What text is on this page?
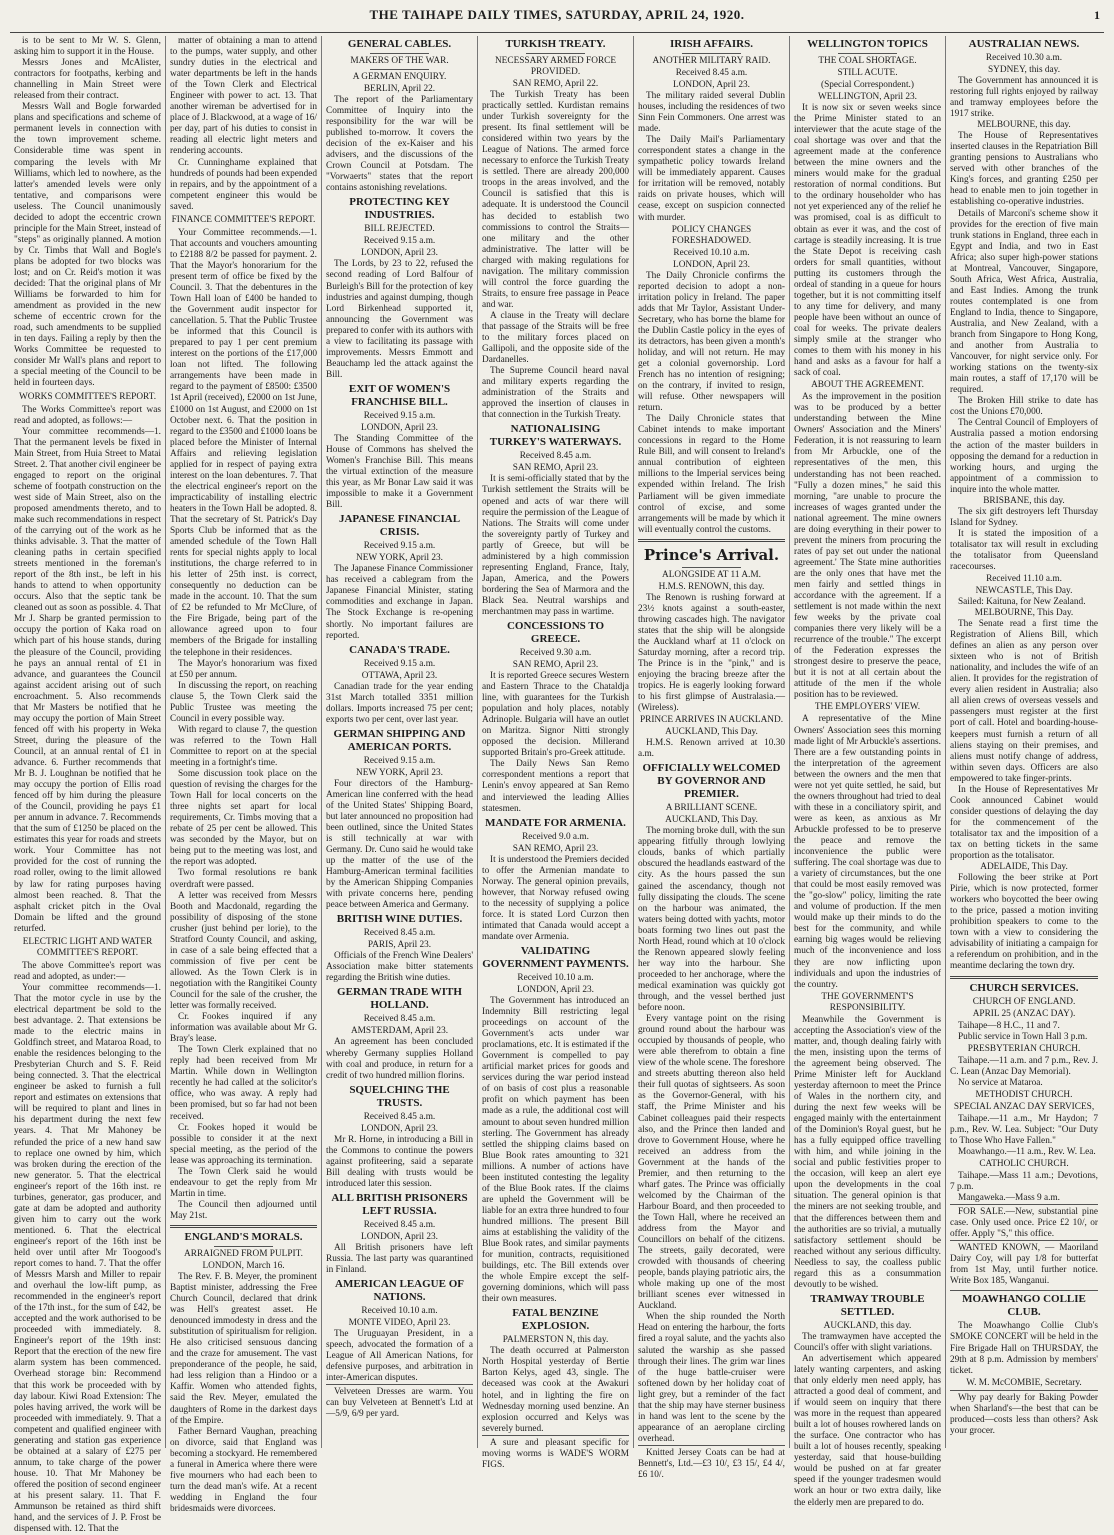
THE TAIHAPE DAILY TIMES, SATURDAY, APRIL 24, 1920.	1

is to be sent to Mr W. S. Glenn, asking him to support it in the House.

Messrs Jones and McAlister, contractors for footpaths, kerbing and channelling in Main Street were released from their contract.

Messrs Wall and Bogle forwarded plans and specifications and scheme of permanent levels in connection with the town improvement scheme. Considerable time was spent in comparing the levels with Mr Williams, which led to nowhere, as the latter's amended levels were only tentative, and comparisons were useless. The Council unanimously decided to adopt the eccentric crown principle for the Main Street, instead of "steps" as originally planned. A motion by Cr. Timbs that Wall and Bogle's plans be adopted for two blocks was lost; and on Cr. Reid's motion it was decided: That the original plans of Mr Williams be forwarded to him for amendment as provided in the new scheme of eccentric crown for the road, such amendments to be supplied in ten days. Failing a reply by then the Works Committee be requested to consider Mr Wall's plans and report to a special meeting of the Council to be held in fourteen days.

WORKS COMMITTEE'S REPORT.

The Works Committee's report was read and adopted, as follows:—

Your committee recommends—1. That the permanent levels be fixed in Main Street, from Huia Street to Matai Street. 2. That another civil engineer be engaged to report on the original scheme of footpath construction on the west side of Main Street, also on the proposed amendments thereto, and to make such recommendations in respect of the carrying out of the work as he thinks advisable. 3. That the matter of cleaning paths in certain specified streets mentioned in the foreman's report of the 8th inst., be left in his hands to attend to when opportunity occurs. Also that the septic tank be cleaned out as soon as possible. 4. That Mr J. Sharp be granted permission to occupy the portion of Kaka road on which part of his house stands, during the pleasure of the Council, providing he pays an annual rental of £1 in advance, and guarantees the Council against accident arising out of such encroachment. 5. Also recommends that Mr Masters be notified that he may occupy the portion of Main Street fenced off with his property in Weka Street, during the pleasure of the Council, at an annual rental of £1 in advance. 6. Further recommends that Mr B. J. Loughnan be notified that he may occupy the portion of Ellis road fenced off by him during the pleasure of the Council, providing he pays £1 per annum in advance. 7. Recommends that the sum of £1250 be placed on the estimates this year for roads and streets work. Your Committee has not provided for the cost of running the road roller, owing to the limit allowed by law for rating purposes having almost been reached. 8. That the asphalt cricket pitch in the Oval Domain be lifted and the ground returfed.

ELECTRIC LIGHT AND WATER COMMITTEE'S REPORT.

The above Committee's report was read and adopted, as under:—

Your committee recommends—1. That the motor cycle in use by the electrical department be sold to the best advantage. 2. That extensions be made to the electric mains in Goldfinch street, and Mataroa Road, to enable the residences belonging to the Presbyterian Church and S. F. Reid being connected. 3. That the electrical engineer be asked to furnish a full report and estimates on extensions that will be required to plant and lines in his department during the next few years. 4. That Mr Mahoney be refunded the price of a new hand saw to replace one owned by him, which was broken during the erection of the new generator. 5. That the electrical engineer's report of the 16th inst. re turbines, generator, gas producer, and gate at dam be adopted and authority given him to carry out the work mentioned. 6. That the electrical engineer's report of the 16th inst be held over until after Mr Toogood's report comes to hand. 7. That the offer of Messrs Marsh and Miller to repair and overhaul the low-lift pump, as recommended in the engineer's report of the 17th inst., for the sum of £42, be accepted and the work authorised to be proceeded with immediately. 8. Engineer's report of the 19th inst: Report that the erection of the new fire alarm system has been commenced. Overhead storage bin: Recommend that this work be proceeded with by day labour. Kiwi Road Extension: The poles having arrived, the work will be proceeded with immediately. 9. That a competent and qualified engineer with generating and station gas experience be obtained at a salary of £275 per annum, to take charge of the power house. 10. That Mr Mahoney be offered the position of second engineer at his present salary. 11. That F. Ammunson be retained as third shift hand, and the services of J. P. Frost be dispensed with. 12. That the

matter of obtaining a man to attend to the pumps, water supply, and other sundry duties in the electrical and water departments be left in the hands of the Town Clerk and Electrical Engineer with power to act. 13. That another wireman be advertised for in place of J. Blackwood, at a wage of 16/ per day, part of his duties to consist in reading all electric light meters and rendering accounts.

Cr. Cunninghame explained that hundreds of pounds had been expended in repairs, and by the appointment of a competent engineer this would be saved.

FINANCE COMMITTEE'S REPORT.

Your Committee recommends.—1. That accounts and vouchers amounting to £2188 8/2 be passed for payment. 2. That the Mayor's honorarium for the present term of office be fixed by the Council. 3. That the debentures in the Town Hall loan of £400 be handed to the Government audit inspector for cancellation. 5. That the Public Trustee be informed that this Council is prepared to pay 1 per cent premium interest on the portions of the £17,000 loan not lifted. The following arrangements have been made in regard to the payment of £8500: £3500 1st April (received), £2000 on 1st June, £1000 on 1st August, and £2000 on 1st October next. 6. That the position in regard to the £3500 and £1000 loans be placed before the Minister of Internal Affairs and relieving legislation applied for in respect of paying extra interest on the loan debentures. 7. That the electrical engineer's report on the impracticability of installing electric heaters in the Town Hall be adopted. 8. That the secretary of St. Patrick's Day Sports Club be informed that as the amended schedule of the Town Hall rents for special nights apply to local institutions, the charge referred to in his letter of 25th inst. is correct, consequently no deduction can be made in the account. 10. That the sum of £2 be refunded to Mr McClure, of the Fire Brigade, being part of the allowance agreed upon to four members of the Brigade for installing the telephone in their residences.

The Mayor's honorarium was fixed at £50 per annum.

In discussing the report, on reaching clause 5, the Town Clerk said the Public Trustee was meeting the Council in every possible way.

With regard to clause 7, the question was referred to the Town Hall Committee to report on at the special meeting in a fortnight's time.

Some discussion took place on the question of revising the charges for the Town Hall for local concerts on the three nights set apart for local requirements, Cr. Timbs moving that a rebate of 25 per cent be allowed. This was seconded by the Mayor, but on being put to the meeting was lost, and the report was adopted.

Two formal resolutions re bank overdraft were passed.

A letter was received from Messrs Booth and Macdonald, regarding the possibility of disposing of the stone crusher (just behind per lorie), to the Stratford County Council, and asking, in case of a sale being effected that a commission of five per cent be allowed. As the Town Clerk is in negotiation with the Rangitikei County Council for the sale of the crusher, the letter was formally received.

Cr. Fookes inquired if any information was available about Mr G. Bray's lease.

The Town Clerk explained that no reply had been received from Mr Martin. While down in Wellington recently he had called at the solicitor's office, who was away. A reply had been promised, but so far had not been received.

Cr. Fookes hoped it would be possible to consider it at the next special meeting, as the period of the lease was approaching its termination.

The Town Clerk said he would endeavour to get the reply from Mr Martin in time.

The Council then adjourned until May 21st.

ENGLAND'S MORALS.
ARRAIGNED FROM PULPIT.
LONDON, March 16.

The Rev. F. B. Meyer, the prominent Baptist minister, addressing the Free Church Council, declared that drink was Hell's greatest asset. He denounced immodesty in dress and the substitution of spiritualism for religion. He also criticised sensuous dancing and the craze for amusement. The vast preponderance of the people, he said, had less religion than a Hindoo or a Kaffir. Women who attended fights, said the Rev. Meyer, emulated the daughters of Rome in the darkest days of the Empire.

Father Bernard Vaughan, preaching on divorce, said that England was becoming a stockyard. He remembered a funeral in America where there were five mourners who had each been to turn the dead man's wife. At a recent wedding in England the four bridesmaids were divorcees.

GENERAL CABLES.
MAKERS OF THE WAR.
A GERMAN ENQUIRY.
BERLIN, April 22.

The report of the Parliamentary Committee of Inquiry into the responsibility for the war will be published to-morrow. It covers the decision of the ex-Kaiser and his advisers, and the discussions of the Crown Council at Potsdam. The "Vorwaerts" states that the report contains astonishing revelations.

PROTECTING KEY INDUSTRIES.
BILL REJECTED.
Received 9.15 a.m.
LONDON, April 23.

The Lords, by 23 to 22, refused the second reading of Lord Balfour of Burleigh's Bill for the protection of key industries and against dumping, though Lord Birkenhead supported it, announcing the Government was prepared to confer with its authors with a view to facilitating its passage with improvements. Messrs Emmott and Beauchamp led the attack against the Bill.

EXIT OF WOMEN'S FRANCHISE BILL.
Received 9.15 a.m.
LONDON, April 23.

The Standing Committee of the House of Commons has shelved the Women's Franchise Bill. This means the virtual extinction of the measure this year, as Mr Bonar Law said it was impossible to make it a Government Bill.

JAPANESE FINANCIAL CRISIS.
Received 9.15 a.m.
NEW YORK, April 23.

The Japanese Finance Commissioner has received a cablegram from the Japanese Financial Minister, stating commodities and exchange in Japan. The Stock Exchange is re-opening shortly. No important failures are reported.

CANADA'S TRADE.
Received 9.15 a.m.
OTTAWA, April 23.

Canadian trade for the year ending 31st March totalled 3351 million dollars. Imports increased 75 per cent; exports two per cent, over last year.

GERMAN SHIPPING AND AMERICAN PORTS.
Received 9.15 a.m.
NEW YORK, April 23.

Four directors of the Hamburg-American line conferred with the head of the United States' Shipping Board, but later announced no proposition had been outlined, since the United States is still technically at war with Germany. Dr. Cuno said he would take up the matter of the use of the Hamburg-American terminal facilities by the American Shipping Companies with private concerns here, pending peace between America and Germany.

BRITISH WINE DUTIES.
Received 8.45 a.m.
PARIS, April 23.

Officials of the French Wine Dealers' Association make bitter statements regarding the British wine duties.

GERMAN TRADE WITH HOLLAND.
Received 8.45 a.m.
AMSTERDAM, April 23.

An agreement has been concluded whereby Germany supplies Holland with coal and produce, in return for a credit of two hundred million florins.

SQUELCHING THE TRUSTS.
Received 8.45 a.m.
LONDON, April 23.

Mr R. Horne, in introducing a Bill in the Commons to continue the powers against profiteering, said a separate Bill dealing with trusts would be introduced later this session.

ALL BRITISH PRISONERS LEFT RUSSIA.
Received 8.45 a.m.
LONDON, April 23.

All British prisoners have left Russia. The last party was quarantined in Finland.

AMERICAN LEAGUE OF NATIONS.
Received 10.10 a.m.
MONTE VIDEO, April 23.

The Uruguayan President, in a speech, advocated the formation of a League of All American Nations, for defensive purposes, and arbitration in inter-American disputes.

Velveteen Dresses are warm. You can buy Velveteen at Bennett's Ltd at—5/9, 6/9 per yard.

TURKISH TREATY.
NECESSARY ARMED FORCE PROVIDED.
SAN REMO, April 22.

The Turkish Treaty has been practically settled. Kurdistan remains under Turkish sovereignty for the present. Its final settlement will be considered within two years by the League of Nations. The armed force necessary to enforce the Turkish Treaty is settled. There are already 200,000 troops in the areas involved, and the Council is satisfied that this is adequate. It is understood the Council has decided to establish two commissions to control the Straits—one military and the other administrative. The latter will be charged with making regulations for navigation. The military commission will control the force guarding the Straits, to ensure free passage in Peace and war.

A clause in the Treaty will declare that passage of the Straits will be free to the military forces placed on Gallipoli, and the opposite side of the Dardanelles.

The Supreme Council heard naval and military experts regarding the administration of the Straits and approved the insertion of clauses in that connection in the Turkish Treaty.

NATIONALISING TURKEY'S WATERWAYS.
Received 8.45 a.m.
SAN REMO, April 23.

It is semi-officially stated that by the Turkish settlement the Straits will be opened and acts of war there will require the permission of the League of Nations. The Straits will come under the sovereignty partly of Turkey and partly of Greece, but will be administered by a high commission representing England, France, Italy, Japan, America, and the Powers bordering the Sea of Marmora and the Black Sea. Neutral warships and merchantmen may pass in wartime.

CONCESSIONS TO GREECE.
Received 9.30 a.m.
SAN REMO, April 23.

It is reported Greece secures Western and Eastern Thrace to the Chataldja line, with guarantees for the Turkish population and holy places, notably Adrinople. Bulgaria will have an outlet on Maritza. Signor Nitti strongly opposed the decision. Millerand supported Britain's pro-Greek attitude.

The Daily News San Remo correspondent mentions a report that Lenin's envoy appeared at San Remo and interviewed the leading Allies statesmen.

MANDATE FOR ARMENIA.
Received 9.0 a.m.
SAN REMO, April 23.

It is understood the Premiers decided to offer the Armenian mandate to Norway. The general opinion prevails, however, that Norway refused owing to the necessity of supplying a police force. It is stated Lord Curzon then intimated that Canada would accept a mandate over Armenia.

VALIDATING GOVERNMENT PAYMENTS.
Received 10.10 a.m.
LONDON, April 23.

The Government has introduced an Indemnity Bill restricting legal proceedings on account of the Government's acts under war proclamations, etc. It is estimated if the Government is compelled to pay artificial market prices for goods and services during the war period instead of on basis of cost plus a reasonable profit on which payment has been made as a rule, the additional cost will amount to about seven hundred million sterling. The Government has already settled the shipping claims based on Blue Book rates amounting to 321 millions. A number of actions have been instituted contesting the legality of the Blue Book rates. If the claims are upheld the Government will be liable for an extra three hundred to four hundred millions. The present Bill aims at establishing the validity of the Blue Book rates, and similar payments for munition, contracts, requisitioned buildings, etc. The Bill extends over the whole Empire except the self-governing dominions, which will pass their own measures.

FATAL BENZINE EXPLOSION.
PALMERSTON N, this day.

The death occurred at Palmerston North Hospital yesterday of Bertie Barton Kelys, aged 43, single. The deceased was cook at the Awakuri hotel, and in lighting the fire on Wednesday morning used benzine. An explosion occurred and Kelys was severely burned.

A sure and pleasant specific for moving worms is WADE'S WORM FIGS.

IRISH AFFAIRS.
ANOTHER MILITARY RAID.
Received 8.45 a.m.
LONDON, April 23.

The military raided several Dublin houses, including the residences of two Sinn Fein Commoners. One arrest was made.

The Daily Mail's Parliamentary correspondent states a change in the sympathetic policy towards Ireland will be immediately apparent. Causes for irritation will be removed, notably raids on private houses, which will cease, except on suspicion connected with murder.

POLICY CHANGES FORESHADOWED.
Received 10.10 a.m.
LONDON, April 23.

The Daily Chronicle confirms the reported decision to adopt a non-irritation policy in Ireland. The paper adds that Mr Taylor, Assistant Under-Secretary, who has borne the blame for the Dublin Castle policy in the eyes of its detractors, has been given a month's holiday, and will not return. He may get a colonial governorship. Lord French has no intention of resigning; on the contrary, if invited to resign, will refuse. Other newspapers will return.

The Daily Chronicle states that Cabinet intends to make important concessions in regard to the Home Rule Bill, and will consent to Ireland's annual contribution of eighteen millions to the Imperial services being expended within Ireland. The Irish Parliament will be given immediate control of excise, and some arrangements will be made by which it will eventually control the customs.

Prince's Arrival.
ALONGSIDE AT 11 A.M.
H.M.S. RENOWN, this day.

The Renown is rushing forward at 23½ knots against a south-easter, throwing cascades high. The navigator states that the ship will be alongside the Auckland wharf at 11 o'clock on Saturday morning, after a record trip. The Prince is in the "pink," and is enjoying the bracing breeze after the tropics. He is eagerly looking forward to his first glimpse of Australasia.—(Wireless).

PRINCE ARRIVES IN AUCKLAND.
AUCKLAND, This Day.

H.M.S. Renown arrived at 10.30 a.m.

OFFICIALLY WELCOMED BY GOVERNOR AND PREMIER.
A BRILLIANT SCENE.
AUCKLAND, This Day.

The morning broke dull, with the sun appearing fitfully through lowlying clouds, banks of which partially obscured the headlands eastward of the city. As the hours passed the sun gained the ascendancy, though not fully dissipating the clouds. The scene on the harbour was animated, the waters being dotted with yachts, motor boats forming two lines out past the North Head, round which at 10 o'clock the Renown appeared slowly feeling her way into the harbour. She proceeded to her anchorage, where the medical examination was quickly got through, and the vessel berthed just before noon.

Every vantage point on the rising ground round about the harbour was occupied by thousands of people, who were able therefrom to obtain a fine view of the whole scene. The foreshore and streets abutting thereon also held their full quotas of sightseers. As soon as the Governor-General, with his staff, the Prime Minister and his Cabinet colleagues paid their respects also, and the Prince then landed and drove to Government House, where he received an address from the Government at the hands of the Premier, and then returning to the wharf gates. The Prince was officially welcomed by the Chairman of the Harbour Board, and then proceeded to the Town Hall, where he received an address from the Mayor and Councillors on behalf of the citizens. The streets, gaily decorated, were crowded with thousands of cheering people, bands playing patriotic airs, the whole making up one of the most brilliant scenes ever witnessed in Auckland.

When the ship rounded the North Head on entering the harbour, the forts fired a royal salute, and the yachts also saluted the warship as she passed through their lines. The grim war lines of the huge battle-cruiser were softened down by her holiday coat of light grey, but a reminder of the fact that the ship may have sterner business in hand was lent to the scene by the appearance of an aeroplane circling overhead.

Knitted Jersey Coats can be had at Bennett's, Ltd.—£3 10/, £3 15/, £4 4/, £6 10/.

WELLINGTON TOPICS
THE COAL SHORTAGE.
STILL ACUTE.
(Special Correspondent.)
WELLINGTON, April 23.

It is now six or seven weeks since the Prime Minister stated to an interviewer that the acute stage of the coal shortage was over and that the agreement made at the conference between the mine owners and the miners would make for the gradual restoration of normal conditions. But to the ordinary householder who has not yet experienced any of the relief he was promised, coal is as difficult to obtain as ever it was, and the cost of cartage is steadily increasing. It is true the State Depot is receiving cash orders for small quantities, without putting its customers through the ordeal of standing in a queue for hours together, but it is not committing itself to any time for delivery, and many people have been without an ounce of coal for weeks. The private dealers simply smile at the stranger who comes to them with his money in his hand and asks as a favour for half a sack of coal.

ABOUT THE AGREEMENT.

As the improvement in the position was to be produced by a better understanding between the Mine Owners' Association and the Miners' Federation, it is not reassuring to learn from Mr Arbuckle, one of the representatives of the men, this understanding has not been reached. "Fully a dozen mines," he said this morning, "are unable to procure the increases of wages granted under the national agreement. The mine owners are doing everything in their power to prevent the miners from procuring the rates of pay set out under the national agreement.' The State mine authorities are the only ones that have met the men fairly and settled things in accordance with the agreement. If a settlement is not made within the next few weeks by the private coal companies there very likely will be a recurrence of the trouble." The excerpt of the Federation expresses the strongest desire to preserve the peace, but it is not at all certain about the attitude of the men if the whole position has to be reviewed.

THE EMPLOYERS' VIEW.

A representative of the Mine Owners' Association sees this morning made light of Mr Arbuckle's assertions. There are a few outstanding points in the interpretation of the agreement between the owners and the men that were not yet quite settled, he said, but the owners throughout had tried to deal with these in a conciliatory spirit, and were as keen, as anxious as Mr Arbuckle professed to be to preserve the peace and remove the inconvenience the public were suffering. The coal shortage was due to a variety of circumstances, but the one that could be most easily removed was the "go-slow" policy, limiting the rate and volume of production. If the men would make up their minds to do the best for the community, and while earning big wages would be relieving much of the inconvenience and loss they are now inflicting upon individuals and upon the industries of the country.

THE GOVERNMENT'S RESPONSIBILITY.

Meanwhile the Government is accepting the Association's view of the matter, and, though dealing fairly with the men, insisting upon the terms of the agreement being observed. The Prime Minister left for Auckland yesterday afternoon to meet the Prince of Wales in the northern city, and during the next few weeks will be engaged mainly with the entertainment of the Dominion's Royal guest, but he has a fully equipped office travelling with him, and while joining in the social and public festivities proper to the occasion, will keep an alert eye upon the developments in the coal situation. The general opinion is that the miners are not seeking trouble, and that the differences between them and the authorities are so trivial, a mutually satisfactory settlement should be reached without any serious difficulty. Needless to say, the coalless public regard this as a consummation devoutly to be wished.

TRAMWAY TROUBLE SETTLED.
AUCKLAND, this day.

The tramwaymen have accepted the Council's offer with slight variations.

An advertisement which appeared lately wanting carpenters, and asking that only elderly men need apply, has attracted a good deal of comment, and if would seem on inquiry that there was more in the request than appeared built a lot of houses rowhered lands on the surface. One contractor who has built a lot of houses recently, speaking yesterday, said that house-building would be pushed on at far greater speed if the younger tradesmen would work an hour or two extra daily, like the elderly men are prepared to do.

AUSTRALIAN NEWS.
Received 10.30 a.m.
SYDNEY, this day.

The Government has announced it is restoring full rights enjoyed by railway and tramway employees before the 1917 strike.

MELBOURNE, this day.

The House of Representatives inserted clauses in the Repatriation Bill granting pensions to Australians who served with other branches of the King's forces, and granting £250 per head to enable men to join together in establishing co-operative industries.

Details of Marconi's scheme show it provides for the erection of five main trunk stations in England, three each in Egypt and India, and two in East Africa; also super high-power stations at Montreal, Vancouver, Singapore, South Africa, West Africa, Australia, and East Indies. Among the trunk routes contemplated is one from England to India, thence to Singapore, Australia, and New Zealand, with a branch from Singapore to Hong Kong, and another from Australia to Vancouver, for night service only. For working stations on the twenty-six main routes, a staff of 17,170 will be required.

The Broken Hill strike to date has cost the Unions £70,000.

The Central Council of Employers of Australia passed a motion endorsing the action of the master builders in opposing the demand for a reduction in working hours, and urging the appointment of a commission to inquire into the whole matter.

BRISBANE, this day.

The six gift destroyers left Thursday Island for Sydney.

It is stated the imposition of a totalisator tax will result in excluding the totalisator from Queensland racecourses.

Received 11.10 a.m.
NEWCASTLE, This Day.

Sailed: Kaituna, for New Zealand.

MELBOURNE, This Day.

The Senate read a first time the Registration of Aliens Bill, which defines an alien as any person over sixteen who is not of British nationality, and includes the wife of an alien. It provides for the registration of every alien resident in Australia; also all alien crews of overseas vessels and passengers must register at the first port of call. Hotel and boarding-house-keepers must furnish a return of all aliens staying on their premises, and aliens must notify change of address, within seven days. Officers are also empowered to take finger-prints.

In the House of Representatives Mr Cook announced Cabinet would consider questions of delaying the day for the commencement of the totalisator tax and the imposition of a tax on betting tickets in the same proportion as the totalisator.

ADELAIDE, This Day.

Following the beer strike at Port Pirie, which is now protected, former workers who boycotted the beer owing to the price, passed a motion inviting prohibition speakers to come to the town with a view to considering the advisability of initiating a campaign for a referendum on prohibition, and in the meantime declaring the town dry.

CHURCH SERVICES.
CHURCH OF ENGLAND.
APRIL 25 (ANZAC DAY).

Taihape—8 H.C., 11 and 7.

Public service in Town Hall 3 p.m.

PRESBYTERIAN CHURCH.

Taihape.—11 a.m. and 7 p.m., Rev. J. C. Lean (Anzac Day Memorial).

No service at Mataroa.

METHODIST CHURCH.
SPECIAL ANZAC DAY SERVICES,

Taihape.—11 a.m., Mr Haydon; 7 p.m., Rev. W. Lea. Subject: "Our Duty to Those Who Have Fallen."

Moawhango.—11 a.m., Rev. W. Lea.

CATHOLIC CHURCH.

Taihape.—Mass 11 a.m.; Devotions, 7 p.m.

Mangaweka.—Mass 9 a.m.

FOR SALE.—New, substantial pine case. Only used once. Price £2 10/, or offer. Apply "S," this office.

WANTED KNOWN, — Maoriland Dairy Coy, will pay 1/8 for butterfat from 1st May, until further notice. Write Box 185, Wanganui.

MOAWHANGO COLLIE CLUB.

The Moawhango Collie Club's SMOKE CONCERT will be held in the Fire Brigade Hall on THURSDAY, the 29th at 8 p.m. Admission by members' ticket.

W. M. McCOMBIE, Secretary.

Why pay dearly for Baking Powder when Sharland's—the best that can be produced—costs less than others? Ask your grocer.
